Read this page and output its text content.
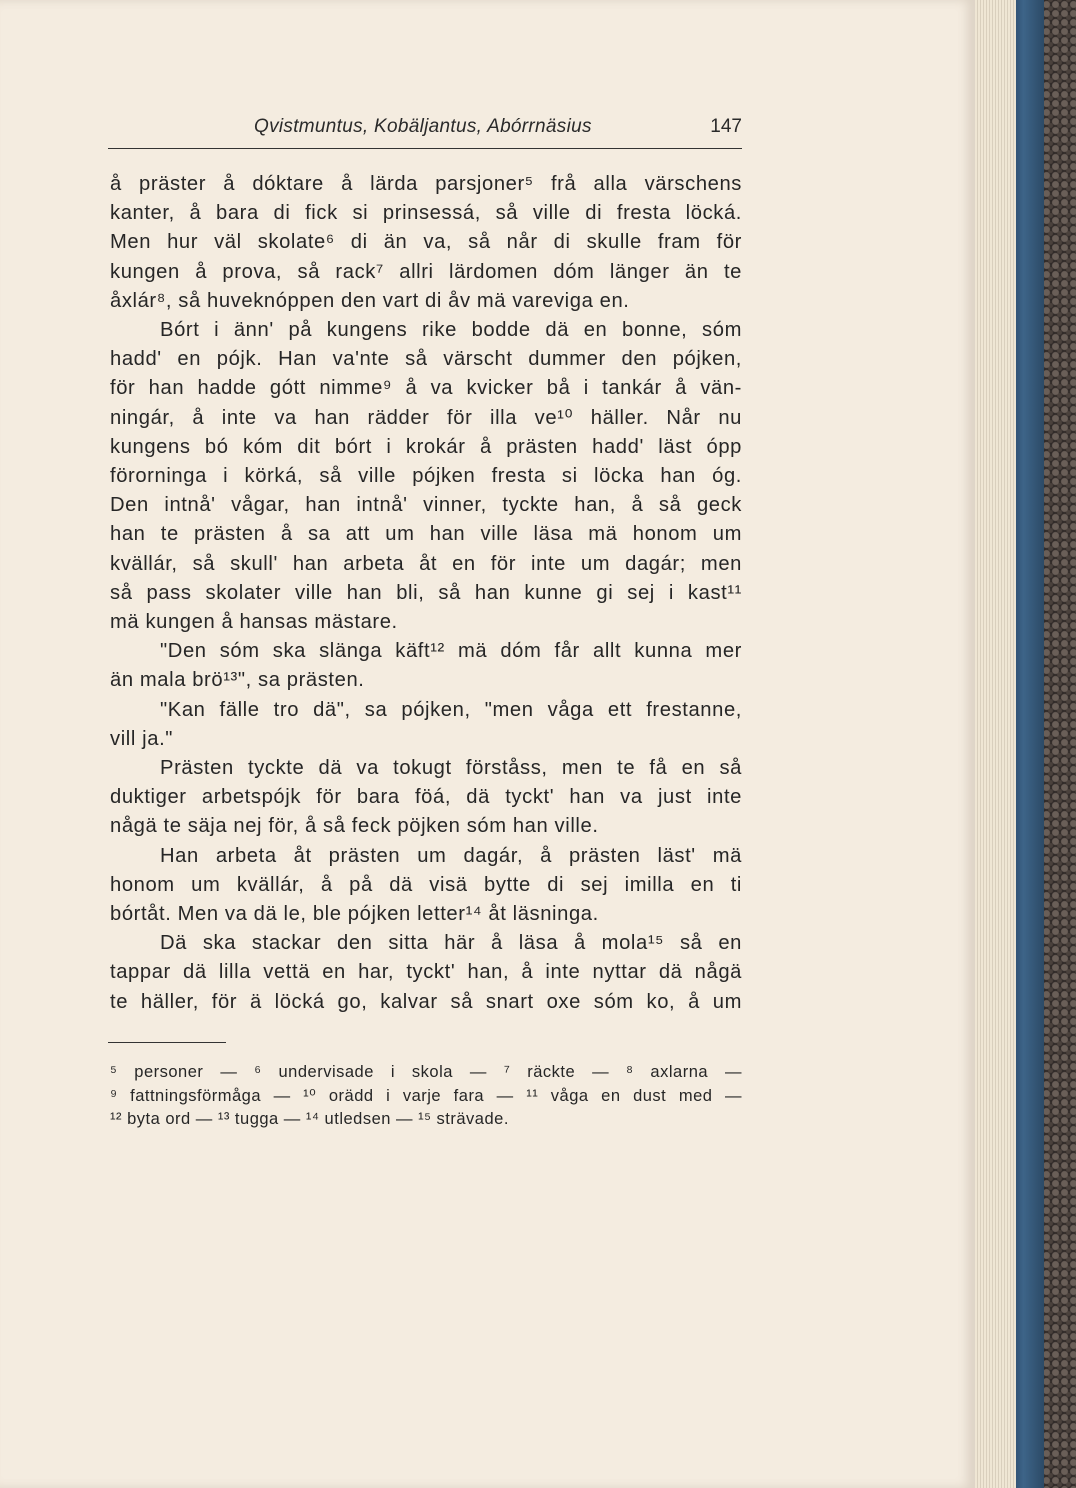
Qvistmuntus, Kobäljantus, Abórrnäsius	147
å präster å dóktare å lärda parsjoner⁵ frå alla värschens
kanter, å bara di fick si prinsessá, så ville di fresta löcká.
Men hur väl skolate⁶ di än va, så når di skulle fram för
kungen å prova, så rack⁷ allri lärdomen dóm länger än te
åxlár⁸, så huveknóppen den vart di åv mä vareviga en.
Bórt i änn' på kungens rike bodde dä en bonne, sóm
hadd' en pójk. Han va'nte så värscht dummer den pójken,
för han hadde gótt nimme⁹ å va kvicker bå i tankár å vän-
ningár, å inte va han rädder för illa ve¹⁰ häller. Når nu
kungens bó kóm dit bórt i krokár å prästen hadd' läst ópp
förorninga i körká, så ville pójken fresta si löcka han óg.
Den intnå' vågar, han intnå' vinner, tyckte han, å så geck
han te prästen å sa att um han ville läsa mä honom um
kvällár, så skull' han arbeta åt en för inte um dagár; men
så pass skolater ville han bli, så han kunne gi sej i kast¹¹
mä kungen å hansas mästare.
"Den sóm ska slänga käft¹² mä dóm får allt kunna mer
än mala brö¹³", sa prästen.
"Kan fälle tro dä", sa pójken, "men våga ett frestanne,
vill ja."
Prästen tyckte dä va tokugt förståss, men te få en så
duktiger arbetspójk för bara föá, dä tyckt' han va just inte
någä te säja nej för, å så feck pöjken sóm han ville.
Han arbeta åt prästen um dagár, å prästen läst' mä
honom um kvällár, å på dä visä bytte di sej imilla en ti
bórtåt. Men va dä le, ble pójken letter¹⁴ åt läsninga.
Dä ska stackar den sitta här å läsa å mola¹⁵ så en
tappar dä lilla vettä en har, tyckt' han, å inte nyttar dä någä
te häller, för ä löcká go, kalvar så snart oxe sóm ko, å um
⁵ personer — ⁶ undervisade i skola — ⁷ räckte — ⁸ axlarna —
⁹ fattningsförmåga — ¹⁰ orädd i varje fara — ¹¹ våga en dust med —
¹² byta ord — ¹³ tugga — ¹⁴ utledsen — ¹⁵ strävade.
